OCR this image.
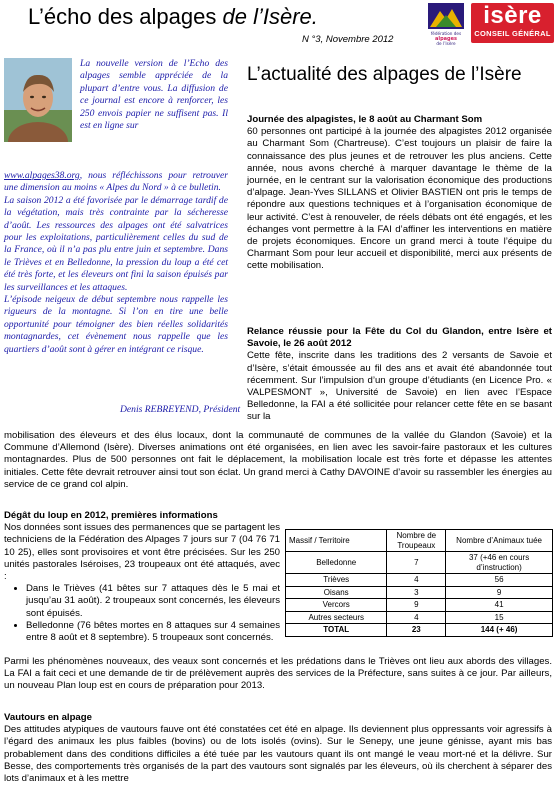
L’écho des alpages de l’Isère.
N °3, Novembre 2012
fédération des
alpages
de l’Isère
isère
CONSEIL GÉNÉRAL
La nouvelle version de l’Echo des alpages semble appréciée de la plupart d’entre vous. La diffusion de ce journal est encore à renforcer, les 250 envois papier ne suffisent pas. Il est en ligne sur

www.alpages38.org, nous réfléchissons pour retrouver une dimension au moins « Alpes du Nord » à ce bulletin.

La saison 2012 a été favorisée par le démarrage tardif de la végétation, mais très contrainte par la sécheresse d’août. Les ressources des alpages ont été salvatrices pour les exploitations, particulièrement celles du sud de la France, où il n’a pas plu entre juin et septembre. Dans le Trièves et en Belledonne, la pression du loup a été cet été très forte, et les éleveurs ont fini la saison épuisés par les surveillances et les attaques.

L’épisode neigeux de début septembre nous rappelle les rigueurs de la montagne. Si l’on en tire une belle opportunité pour témoigner des bien réelles solidarités montagnardes, cet évènement nous rappelle que les quartiers d’août sont à gérer en intégrant ce risque.

Denis REBREYEND, Président
L’actualité des alpages de l’Isère

Journée des alpagistes, le 8 août au Charmant Som

60 personnes ont participé à la journée des alpagistes 2012 organisée au Charmant Som (Chartreuse). C’est toujours un plaisir de faire la connaissance des plus jeunes et de retrouver les plus anciens. Cette année, nous avons cherché à marquer davantage le thème de la journée, en le centrant sur la valorisation économique des productions d’alpage. Jean-Yves SILLANS et Olivier BASTIEN ont pris le temps de répondre aux questions techniques et à l’organisation économique de leur activité. C’est à renouveler, de réels débats ont été engagés, et les échanges vont permettre à la FAI d’affiner les interventions en matière de projets économiques. Encore un grand merci à toute l’équipe du Charmant Som pour leur accueil et disponibilité, merci aux présents de cette mobilisation.

Relance réussie pour la Fête du Col du Glandon, entre Isère et Savoie, le 26 août 2012

Cette fête, inscrite dans les traditions des 2 versants de Savoie et d’Isère, s’était émoussée au fil des ans et avait été abandonnée tout récemment. Sur l’impulsion d’un groupe d’étudiants (en Licence Pro. « VALPESMONT », Université de Savoie) en lien avec l’Espace Belledonne, la FAI a été sollicitée pour relancer cette fête en se basant sur la

mobilisation des éleveurs et des élus locaux, dont la communauté de communes de la vallée du Glandon (Savoie) et la Commune d’Allemond (Isère). Diverses animations ont été organisées, en lien avec les savoir-faire pastoraux et les cultures montagnardes. Plus de 500 personnes ont fait le déplacement, la mobilisation locale est très forte et dépasse les attentes initiales. Cette fête devrait retrouver ainsi tout son éclat. Un grand merci à Cathy DAVOINE d’avoir su rassembler les énergies au service de ce grand col alpin.

Dégât du loup en 2012, premières informations

Nos données sont issues des permanences que se partagent les techniciens de la Fédération des Alpages 7 jours sur 7 (04 76 71 10 25), elles sont provisoires et vont être précisées. Sur les 250 unités pastorales Iséroises, 23 troupeaux ont été attaqués, avec :

• Dans le Trièves (41 bêtes sur 7 attaques dès le 5 mai et jusqu’au 31 août). 2 troupeaux sont concernés, les éleveurs sont épuisés.
• Belledonne (76 bêtes mortes en 8 attaques sur 4 semaines entre 8 août et 8 septembre). 5 troupeaux sont concernés.
Massif / Territoire	Nombre de Troupeaux	Nombre d’Animaux tuée
Belledonne	7	37 (+46 en cours d’instruction)
Trièves	4	56
Oisans	3	9
Vercors	9	41
Autres secteurs	4	15
TOTAL	23	144 (+ 46)
Parmi les phénomènes nouveaux, des veaux sont concernés et les prédations dans le Trièves ont lieu aux abords des villages. La FAI a fait ceci et une demande de tir de prélèvement auprès des services de la Préfecture, sans suites à ce jour. Par ailleurs, un nouveau Plan loup est en cours de préparation pour 2013.

Vautours en alpage

Des attitudes atypiques de vautours fauve ont été constatées cet été en alpage. Ils deviennent plus oppressants voir agressifs à l’égard des animaux les plus faibles (bovins) ou de lots isolés (ovins). Sur le Senepy, une jeune génisse, ayant mis bas probablement dans des conditions difficiles a été tuée par les vautours quant ils ont mangé le veau mort-né et la délivre. Sur Besse, des comportements très organisés de la part des vautours sont signalés par les éleveurs, où ils cherchent à séparer des lots d’animaux et à les mettre
